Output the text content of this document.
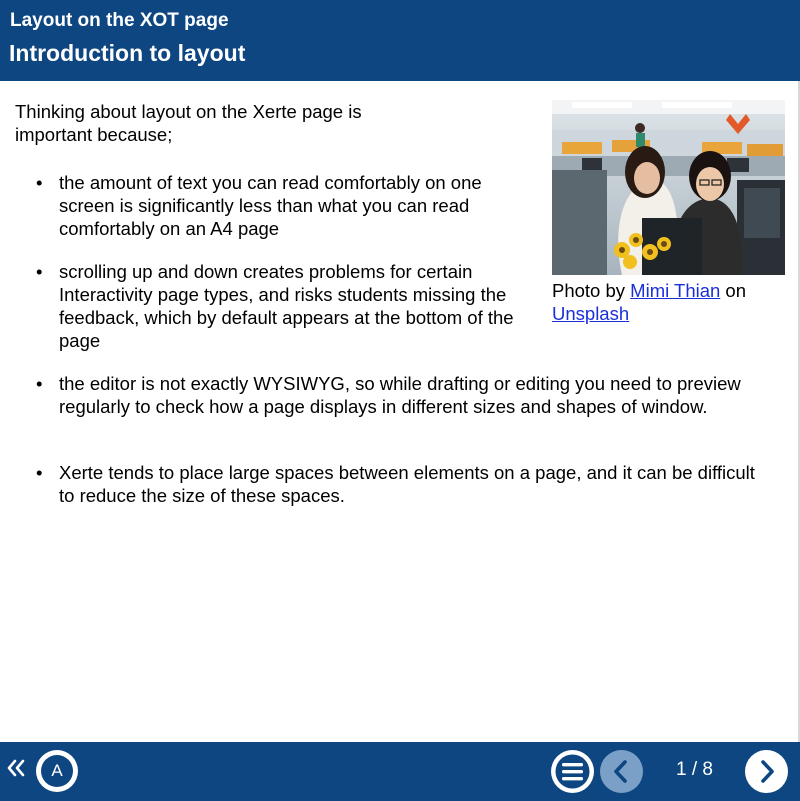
Layout on the XOT page
Introduction to layout
Thinking about layout on the Xerte page is important because;
• the amount of text you can read comfortably on one screen is significantly less than what you can read comfortably on an A4 page
• scrolling up and down creates problems for certain Interactivity page types, and risks students missing the feedback, which by default appears at the bottom of the page
• the editor is not exactly WYSIWYG, so while drafting or editing you need to preview regularly to check how a page displays in different sizes and shapes of window.
• Xerte tends to place large spaces between elements on a page, and it can be difficult to reduce the size of these spaces.
Photo by Mimi Thian on
Unsplash
A	1 / 8
